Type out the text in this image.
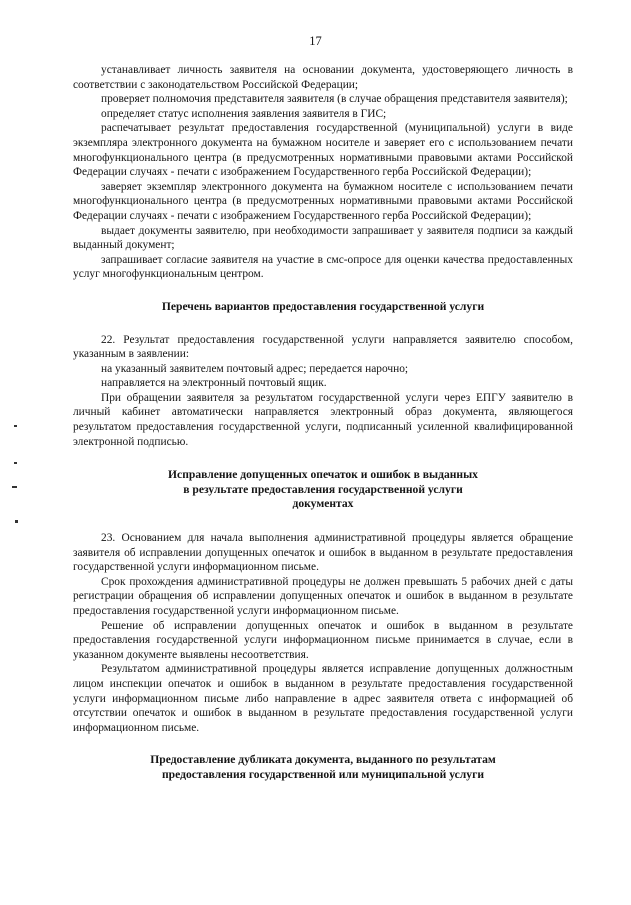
17

устанавливает личность заявителя на основании документа, удостоверяющего личность в соответствии с законодательством Российской Федерации;

проверяет полномочия представителя заявителя (в случае обращения представителя заявителя);

определяет статус исполнения заявления заявителя в ГИС;

распечатывает результат предоставления государственной (муниципальной) услуги в виде экземпляра электронного документа на бумажном носителе и заверяет его с использованием печати многофункционального центра (в предусмотренных нормативными правовыми актами Российской Федерации случаях - печати с изображением Государственного герба Российской Федерации);

заверяет экземпляр электронного документа на бумажном носителе с использованием печати многофункционального центра (в предусмотренных нормативными правовыми актами Российской Федерации случаях - печати с изображением Государственного герба Российской Федерации);

выдает документы заявителю, при необходимости запрашивает у заявителя подписи за каждый выданный документ;

запрашивает согласие заявителя на участие в смс-опросе для оценки качества предоставленных услуг многофункциональным центром.

Перечень вариантов предоставления государственной услуги

22. Результат предоставления государственной услуги направляется заявителю способом, указанным в заявлении:

на указанный заявителем почтовый адрес; передается нарочно;

направляется на электронный почтовый ящик.

При обращении заявителя за результатом государственной услуги через ЕПГУ заявителю в личный кабинет автоматически направляется электронный образ документа, являющегося результатом предоставления государственной услуги, подписанный усиленной квалифицированной электронной подписью.

Исправление допущенных опечаток и ошибок в выданных
в результате предоставления государственной услуги
документах

23. Основанием для начала выполнения административной процедуры является обращение заявителя об исправлении допущенных опечаток и ошибок в выданном в результате предоставления государственной услуги информационном письме.

Срок прохождения административной процедуры не должен превышать 5 рабочих дней с даты регистрации обращения об исправлении допущенных опечаток и ошибок в выданном в результате предоставления государственной услуги информационном письме.

Решение об исправлении допущенных опечаток и ошибок в выданном в результате предоставления государственной услуги информационном письме принимается в случае, если в указанном документе выявлены несоответствия.

Результатом административной процедуры является исправление допущенных должностным лицом инспекции опечаток и ошибок в выданном в результате предоставления государственной услуги информационном письме либо направление в адрес заявителя ответа с информацией об отсутствии опечаток и ошибок в выданном в результате предоставления государственной услуги информационном письме.

Предоставление дубликата документа, выданного по результатам
предоставления государственной или муниципальной услуги
